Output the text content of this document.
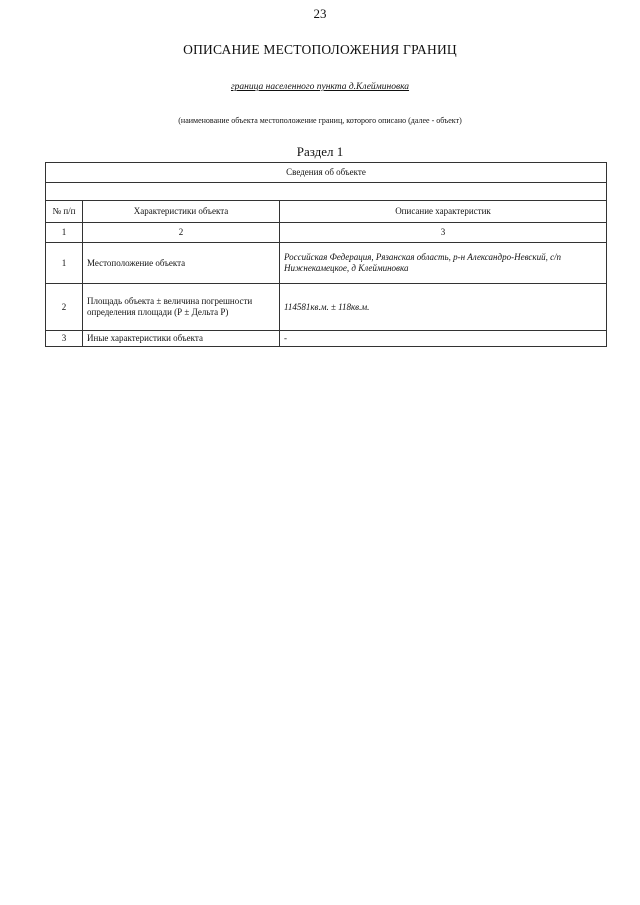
23
ОПИСАНИЕ МЕСТОПОЛОЖЕНИЯ ГРАНИЦ
граница населенного пункта д.Клейминовка
(наименование объекта местоположение границ, которого описано (далее - объект)
Раздел 1
Сведения об объекте		

№ п/п	Характеристики объекта	Описание характеристик
1	2	3
1	Местоположение объекта	Российская Федерация, Рязанская область, р-н Александро-Невский, с/п Нижнекамецкое, д Клейминовка
2	Площадь объекта ± величина погрешности определения площади (Р ± Дельта Р)	114581кв.м. ± 118кв.м.
3	Иные характеристики объекта	-
